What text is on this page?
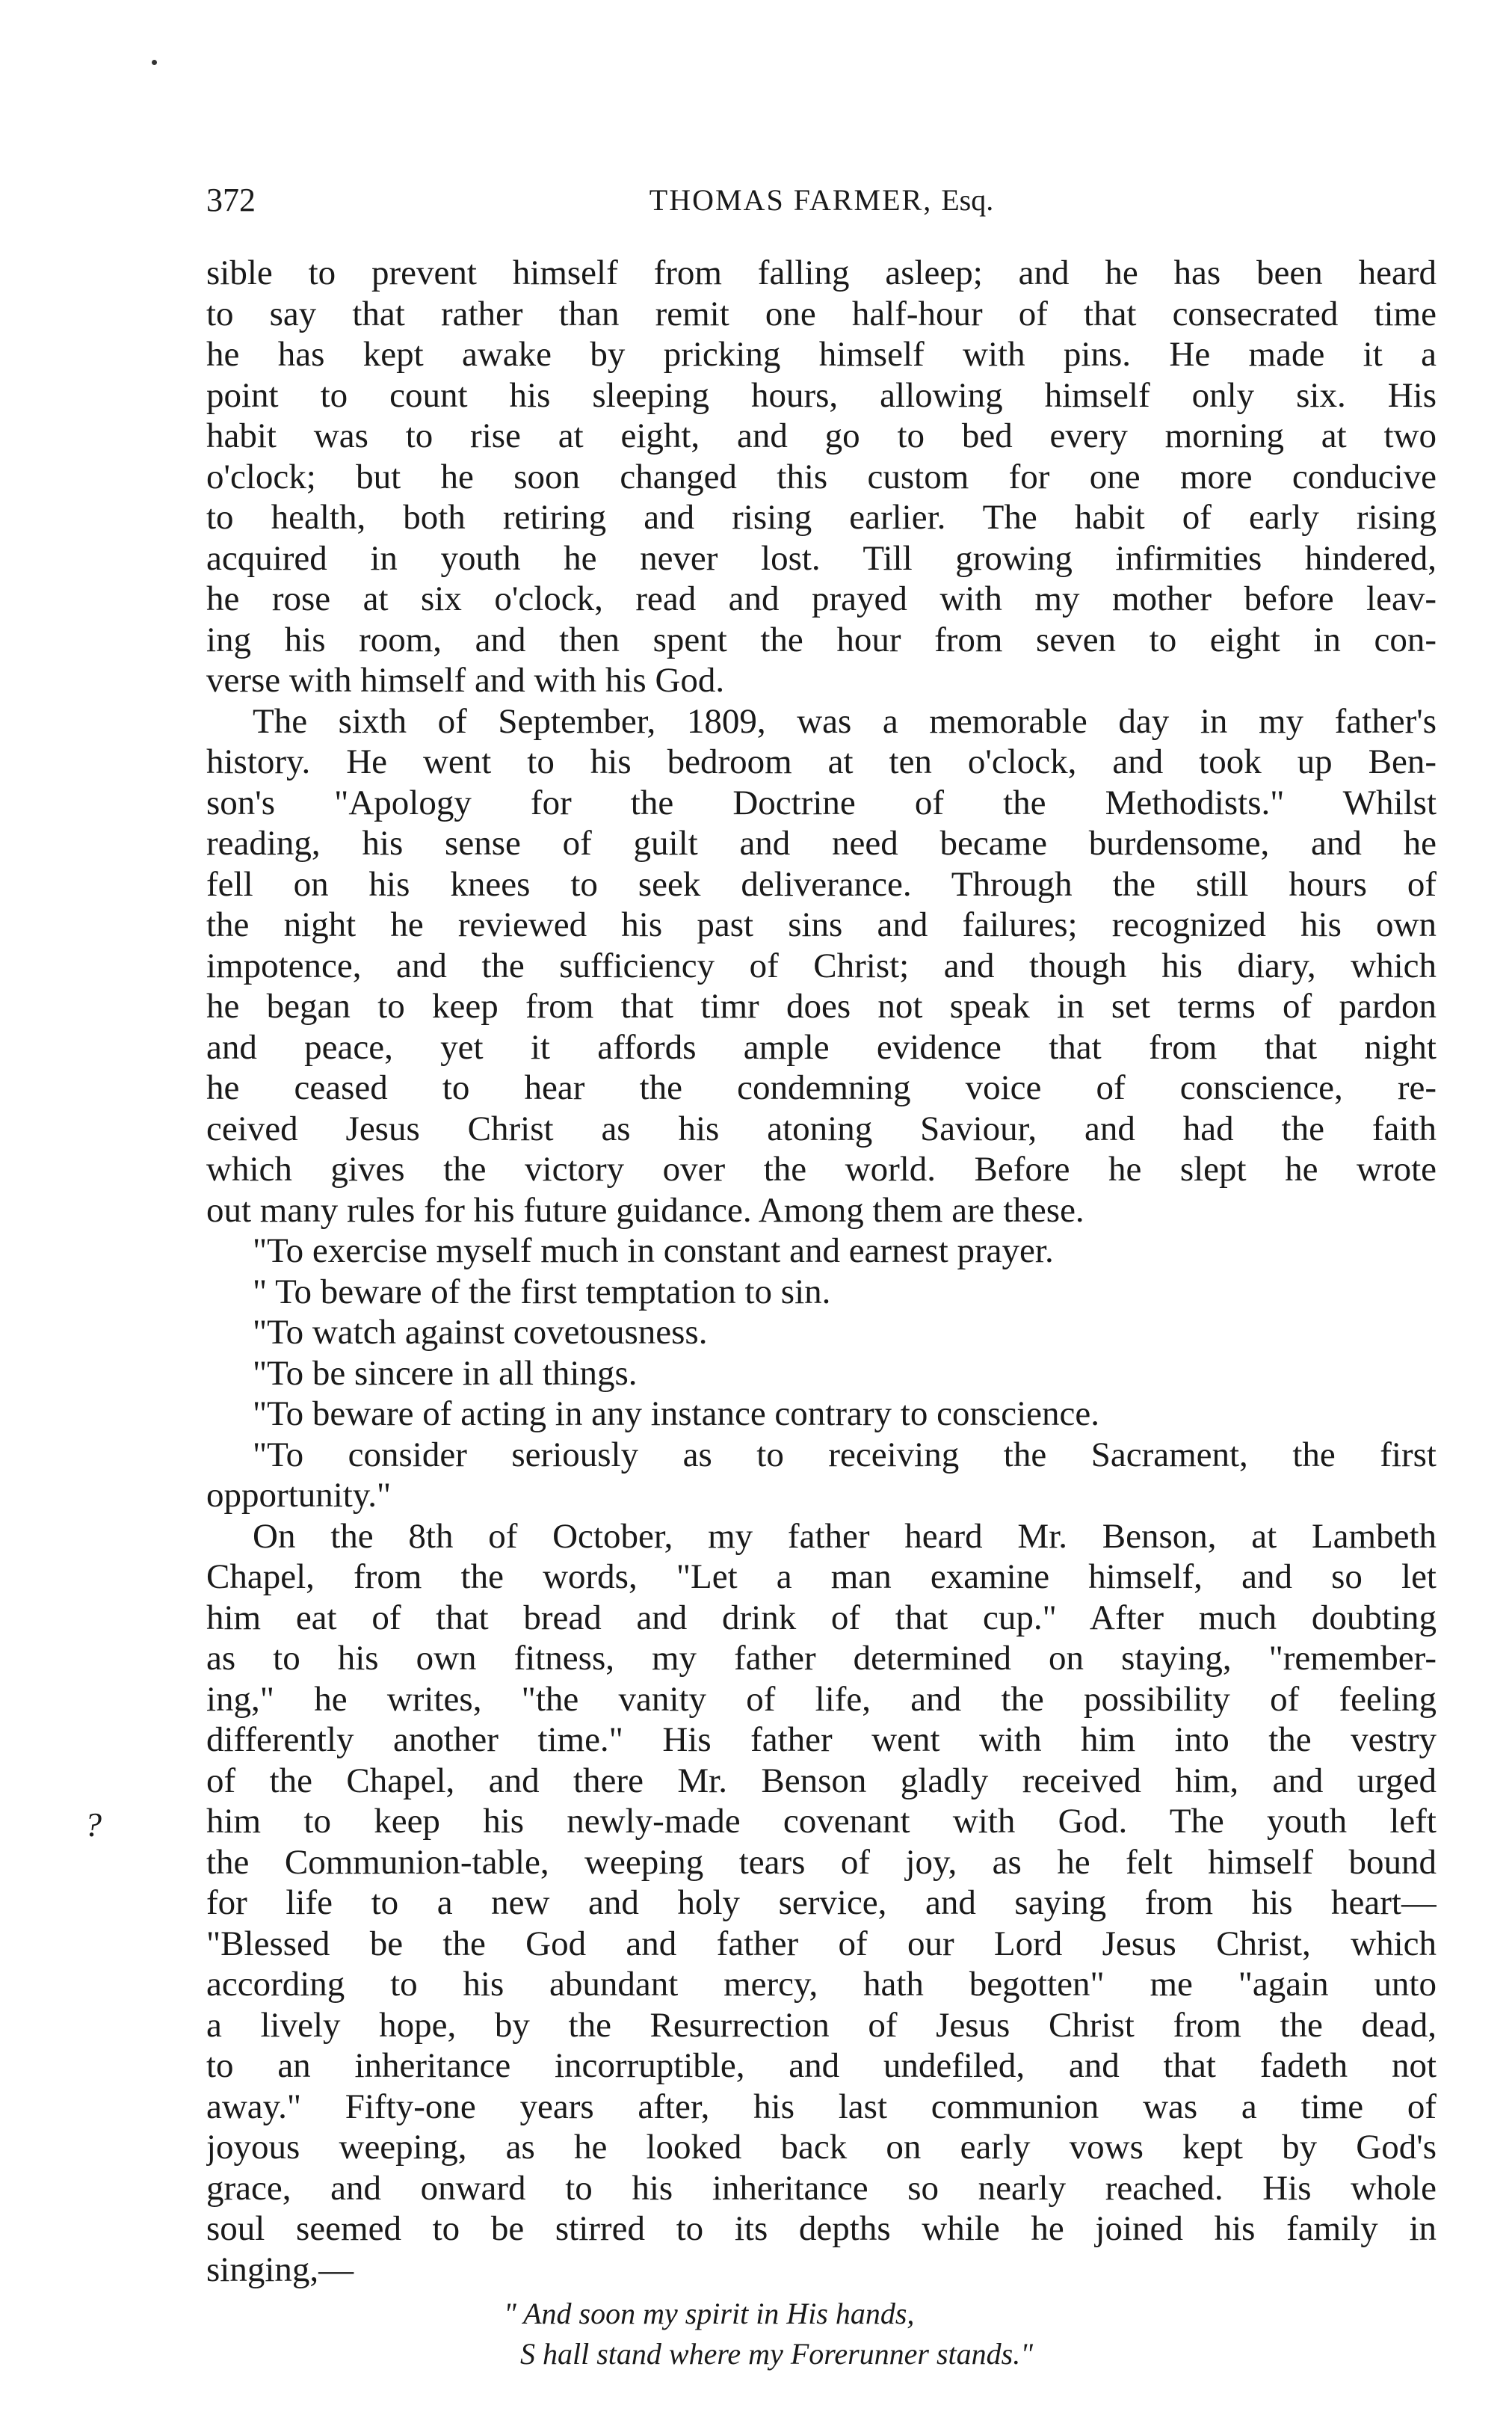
372	THOMAS FARMER, Esq.
?
sible to prevent himself from falling asleep; and he has been heard
to say that rather than remit one half-hour of that consecrated time
he has kept awake by pricking himself with pins. He made it a
point to count his sleeping hours, allowing himself only six. His
habit was to rise at eight, and go to bed every morning at two
o'clock; but he soon changed this custom for one more conducive
to health, both retiring and rising earlier. The habit of early rising
acquired in youth he never lost. Till growing infirmities hindered,
he rose at six o'clock, read and prayed with my mother before leav-
ing his room, and then spent the hour from seven to eight in con-
verse with himself and with his God.
The sixth of September, 1809, was a memorable day in my father's
history. He went to his bedroom at ten o'clock, and took up Ben-
son's "Apology for the Doctrine of the Methodists." Whilst
reading, his sense of guilt and need became burdensome, and he
fell on his knees to seek deliverance. Through the still hours of
the night he reviewed his past sins and failures; recognized his own
impotence, and the sufficiency of Christ; and though his diary, which
he began to keep from that timr does not speak in set terms of pardon
and peace, yet it affords ample evidence that from that night
he ceased to hear the condemning voice of conscience, re-
ceived Jesus Christ as his atoning Saviour, and had the faith
which gives the victory over the world. Before he slept he wrote
out many rules for his future guidance. Among them are these.
"To exercise myself much in constant and earnest prayer.
" To beware of the first temptation to sin.
"To watch against covetousness.
"To be sincere in all things.
"To beware of acting in any instance contrary to conscience.
"To consider seriously as to receiving the Sacrament, the first
opportunity."
On the 8th of October, my father heard Mr. Benson, at Lambeth
Chapel, from the words, "Let a man examine himself, and so let
him eat of that bread and drink of that cup." After much doubting
as to his own fitness, my father determined on staying, "remember-
ing," he writes, "the vanity of life, and the possibility of feeling
differently another time." His father went with him into the vestry
of the Chapel, and there Mr. Benson gladly received him, and urged
him to keep his newly-made covenant with God. The youth left
the Communion-table, weeping tears of joy, as he felt himself bound
for life to a new and holy service, and saying from his heart—
"Blessed be the God and father of our Lord Jesus Christ, which
according to his abundant mercy, hath begotten" me "again unto
a lively hope, by the Resurrection of Jesus Christ from the dead,
to an inheritance incorruptible, and undefiled, and that fadeth not
away." Fifty-one years after, his last communion was a time of
joyous weeping, as he looked back on early vows kept by God's
grace, and onward to his inheritance so nearly reached. His whole
soul seemed to be stirred to its depths while he joined his family in
singing,—
" And soon my spirit in His hands,
S hall stand where my Forerunner stands."
